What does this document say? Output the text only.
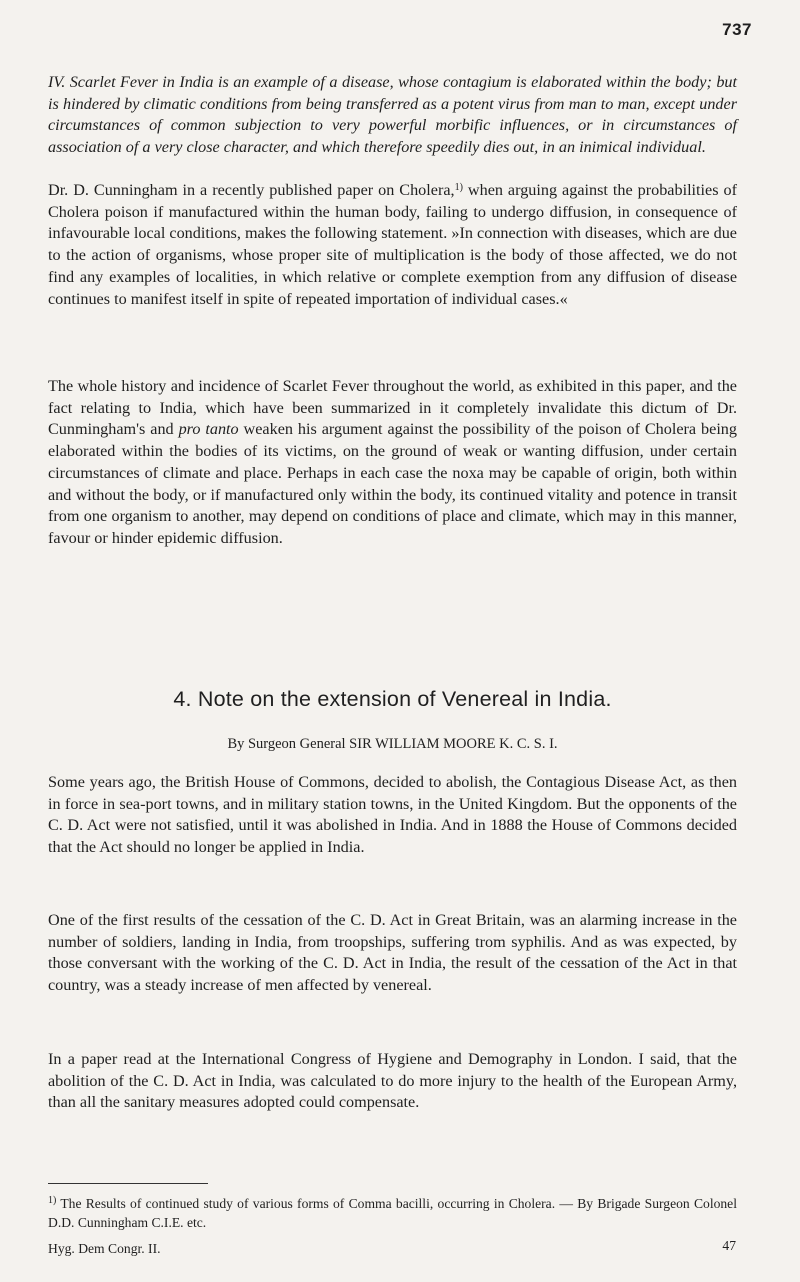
737

IV. Scarlet Fever in India is an example of a disease, whose contagium is elaborated within the body; but is hindered by climatic conditions from being transferred as a potent virus from man to man, except under circumstances of common subjection to very powerful morbific influences, or in circumstances of association of a very close character, and which therefore speedily dies out, in an inimical individual.

Dr. D. Cunningham in a recently published paper on Cholera,$^{1)}$ when arguing against the probabilities of Cholera poison if manufactured within the human body, failing to undergo diffusion, in consequence of infavourable local conditions, makes the following statement. »In connection with diseases, which are due to the action of organisms, whose proper site of multiplication is the body of those affected, we do not find any examples of localities, in which relative or complete exemption from any diffusion of disease continues to manifest itself in spite of repeated importation of individual cases.«

The whole history and incidence of Scarlet Fever throughout the world, as exhibited in this paper, and the fact relating to India, which have been summarized in it completely invalidate this dictum of Dr. Cunmingham's and pro tanto weaken his argument against the possibility of the poison of Cholera being elaborated within the bodies of its victims, on the ground of weak or wanting diffusion, under certain circumstances of climate and place. Perhaps in each case the noxa may be capable of origin, both within and without the body, or if manufactured only within the body, its continued vitality and potence in transit from one organism to another, may depend on conditions of place and climate, which may in this manner, favour or hinder epidemic diffusion.

4. Note on the extension of Venereal in India.
By Surgeon General SIR WILLIAM MOORE K. C. S. I.

Some years ago, the British House of Commons, decided to abolish, the Contagious Disease Act, as then in force in sea-port towns, and in military station towns, in the United Kingdom. But the opponents of the C. D. Act were not satisfied, until it was abolished in India. And in 1888 the House of Commons decided that the Act should no longer be applied in India.

One of the first results of the cessation of the C. D. Act in Great Britain, was an alarming increase in the number of soldiers, landing in India, from troopships, suffering trom syphilis. And as was expected, by those conversant with the working of the C. D. Act in India, the result of the cessation of the Act in that country, was a steady increase of men affected by venereal.

In a paper read at the International Congress of Hygiene and Demography in London. I said, that the abolition of the C. D. Act in India, was calculated to do more injury to the health of the European Army, than all the sanitary measures adopted could compensate.

$^{1)}$ The Results of continued study of various forms of Comma bacilli, occurring in Cholera. — By Brigade Surgeon Colonel D.D. Cunningham C.I.E. etc.
Hyg. Dem Congr. II.	47
